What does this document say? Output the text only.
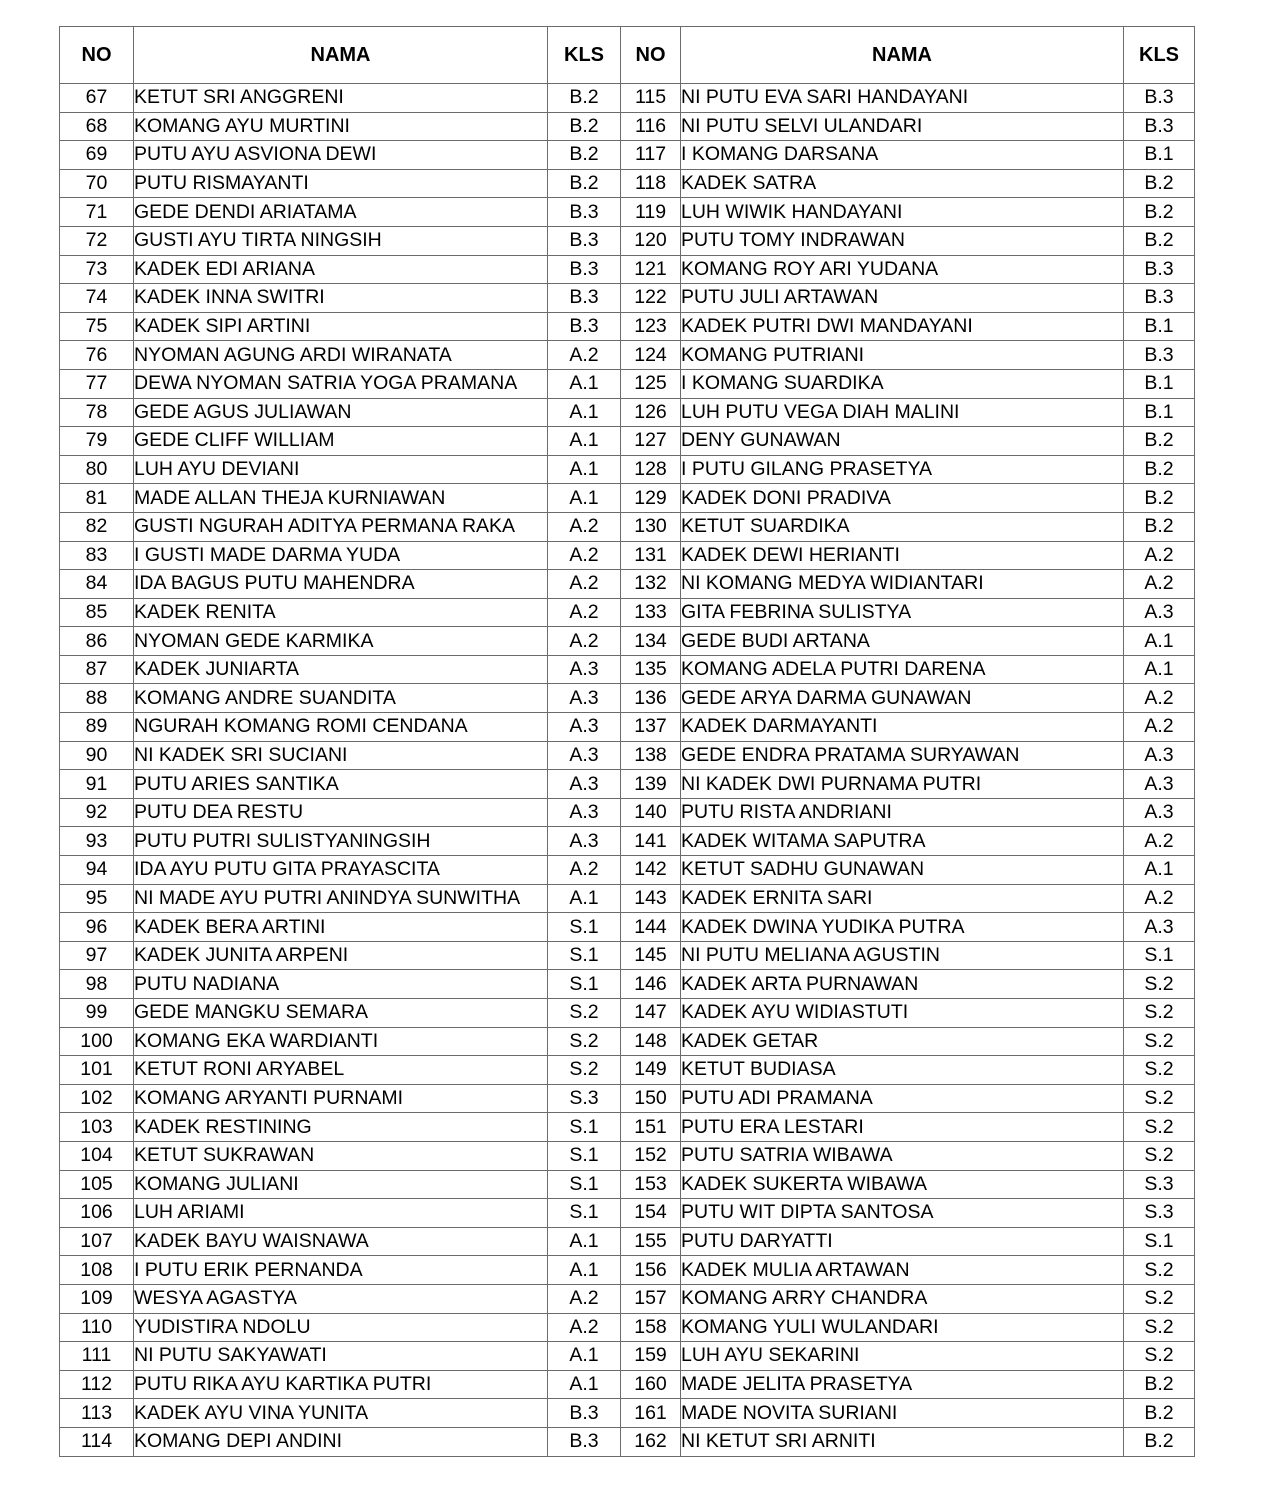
NO	NAMA	KLS	NO	NAMA	KLS
67	KETUT SRI ANGGRENI	B.2	115	NI PUTU EVA SARI HANDAYANI	B.3
68	KOMANG AYU MURTINI	B.2	116	NI PUTU SELVI ULANDARI	B.3
69	PUTU AYU ASVIONA DEWI	B.2	117	I KOMANG DARSANA	B.1
70	PUTU RISMAYANTI	B.2	118	KADEK SATRA	B.2
71	GEDE DENDI ARIATAMA	B.3	119	LUH WIWIK HANDAYANI	B.2
72	GUSTI AYU TIRTA NINGSIH	B.3	120	PUTU TOMY INDRAWAN	B.2
73	KADEK EDI ARIANA	B.3	121	KOMANG ROY ARI YUDANA	B.3
74	KADEK INNA SWITRI	B.3	122	PUTU JULI ARTAWAN	B.3
75	KADEK SIPI ARTINI	B.3	123	KADEK PUTRI DWI MANDAYANI	B.1
76	NYOMAN AGUNG ARDI WIRANATA	A.2	124	KOMANG PUTRIANI	B.3
77	DEWA NYOMAN SATRIA YOGA PRAMANA	A.1	125	I KOMANG SUARDIKA	B.1
78	GEDE AGUS JULIAWAN	A.1	126	LUH PUTU VEGA DIAH MALINI	B.1
79	GEDE CLIFF WILLIAM	A.1	127	DENY GUNAWAN	B.2
80	LUH AYU DEVIANI	A.1	128	I PUTU GILANG PRASETYA	B.2
81	MADE ALLAN THEJA KURNIAWAN	A.1	129	KADEK DONI PRADIVA	B.2
82	GUSTI NGURAH ADITYA PERMANA RAKA	A.2	130	KETUT SUARDIKA	B.2
83	I GUSTI MADE DARMA YUDA	A.2	131	KADEK DEWI HERIANTI	A.2
84	IDA BAGUS PUTU MAHENDRA	A.2	132	NI KOMANG MEDYA WIDIANTARI	A.2
85	KADEK RENITA	A.2	133	GITA FEBRINA SULISTYA	A.3
86	NYOMAN GEDE KARMIKA	A.2	134	GEDE BUDI ARTANA	A.1
87	KADEK JUNIARTA	A.3	135	KOMANG ADELA PUTRI DARENA	A.1
88	KOMANG ANDRE SUANDITA	A.3	136	GEDE ARYA DARMA GUNAWAN	A.2
89	NGURAH KOMANG ROMI CENDANA	A.3	137	KADEK DARMAYANTI	A.2
90	NI KADEK SRI SUCIANI	A.3	138	GEDE ENDRA PRATAMA SURYAWAN	A.3
91	PUTU ARIES SANTIKA	A.3	139	NI KADEK DWI PURNAMA PUTRI	A.3
92	PUTU DEA RESTU	A.3	140	PUTU RISTA ANDRIANI	A.3
93	PUTU PUTRI SULISTYANINGSIH	A.3	141	KADEK WITAMA SAPUTRA	A.2
94	IDA AYU PUTU GITA PRAYASCITA	A.2	142	KETUT SADHU GUNAWAN	A.1
95	NI MADE AYU PUTRI ANINDYA SUNWITHA	A.1	143	KADEK ERNITA SARI	A.2
96	KADEK BERA ARTINI	S.1	144	KADEK DWINA YUDIKA PUTRA	A.3
97	KADEK JUNITA ARPENI	S.1	145	NI PUTU MELIANA AGUSTIN	S.1
98	PUTU NADIANA	S.1	146	KADEK ARTA PURNAWAN	S.2
99	GEDE MANGKU SEMARA	S.2	147	KADEK AYU WIDIASTUTI	S.2
100	KOMANG EKA WARDIANTI	S.2	148	KADEK GETAR	S.2
101	KETUT RONI ARYABEL	S.2	149	KETUT BUDIASA	S.2
102	KOMANG ARYANTI PURNAMI	S.3	150	PUTU ADI PRAMANA	S.2
103	KADEK RESTINING	S.1	151	PUTU ERA LESTARI	S.2
104	KETUT SUKRAWAN	S.1	152	PUTU SATRIA WIBAWA	S.2
105	KOMANG JULIANI	S.1	153	KADEK SUKERTA WIBAWA	S.3
106	LUH ARIAMI	S.1	154	PUTU WIT DIPTA SANTOSA	S.3
107	KADEK BAYU WAISNAWA	A.1	155	PUTU DARYATTI	S.1
108	I PUTU ERIK PERNANDA	A.1	156	KADEK MULIA ARTAWAN	S.2
109	WESYA AGASTYA	A.2	157	KOMANG ARRY CHANDRA	S.2
110	YUDISTIRA NDOLU	A.2	158	KOMANG YULI WULANDARI	S.2
111	NI PUTU SAKYAWATI	A.1	159	LUH AYU SEKARINI	S.2
112	PUTU RIKA AYU KARTIKA PUTRI	A.1	160	MADE JELITA PRASETYA	B.2
113	KADEK AYU VINA YUNITA	B.3	161	MADE NOVITA SURIANI	B.2
114	KOMANG DEPI ANDINI	B.3	162	NI KETUT SRI ARNITI	B.2
